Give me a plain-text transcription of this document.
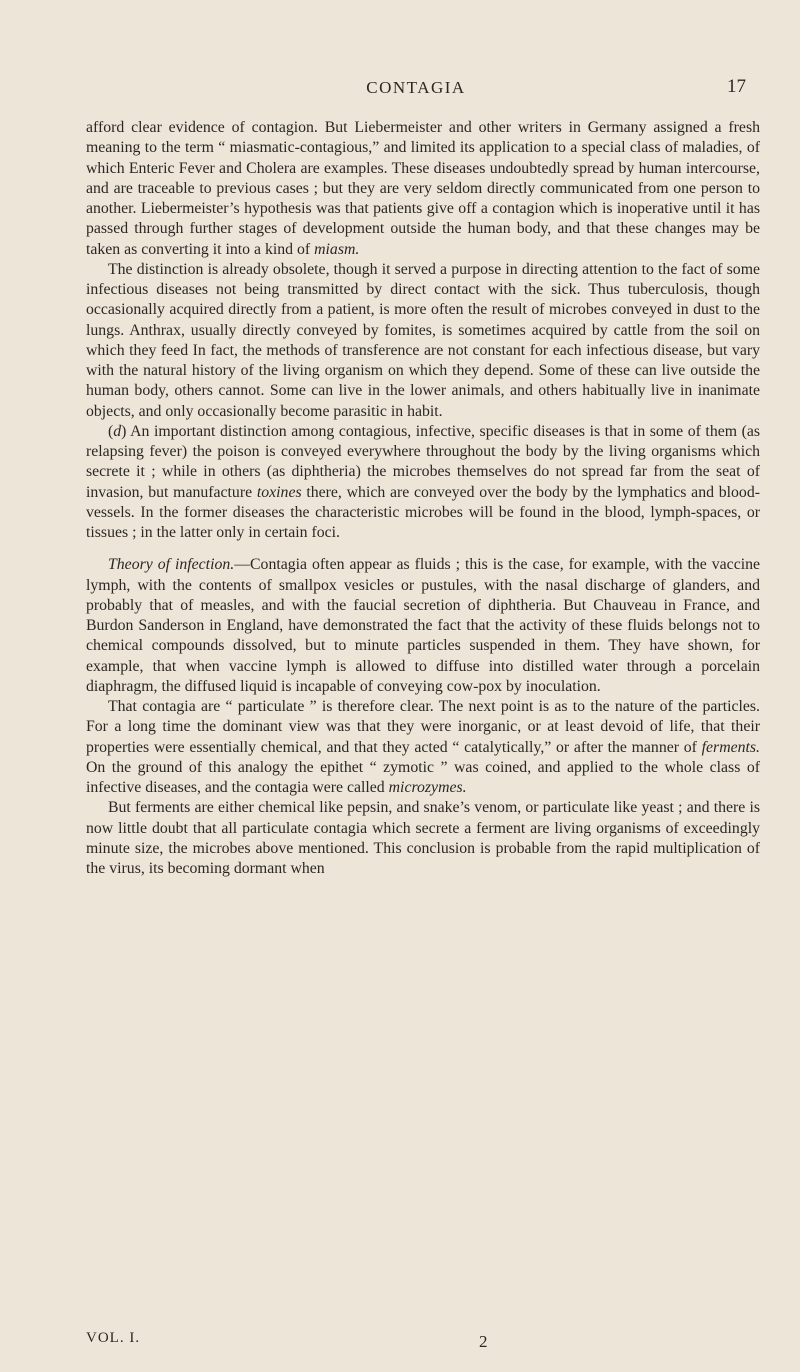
CONTAGIA	17

afford clear evidence of contagion. But Liebermeister and other writers in Germany assigned a fresh meaning to the term “ miasmatic-contagious,” and limited its application to a special class of maladies, of which Enteric Fever and Cholera are examples. These diseases undoubtedly spread by human intercourse, and are traceable to previous cases ; but they are very seldom directly communicated from one person to another. Liebermeister’s hypothesis was that patients give off a contagion which is inoperative until it has passed through further stages of development outside the human body, and that these changes may be taken as converting it into a kind of miasm.

The distinction is already obsolete, though it served a purpose in directing attention to the fact of some infectious diseases not being transmitted by direct contact with the sick. Thus tuberculosis, though occasionally acquired directly from a patient, is more often the result of microbes conveyed in dust to the lungs. Anthrax, usually directly conveyed by fomites, is sometimes acquired by cattle from the soil on which they feed In fact, the methods of transference are not constant for each infectious disease, but vary with the natural history of the living organism on which they depend. Some of these can live outside the human body, others cannot. Some can live in the lower animals, and others habitually live in inanimate objects, and only occasionally become parasitic in habit.

(d) An important distinction among contagious, infective, specific diseases is that in some of them (as relapsing fever) the poison is conveyed everywhere throughout the body by the living organisms which secrete it ; while in others (as diphtheria) the microbes themselves do not spread far from the seat of invasion, but manufacture toxines there, which are conveyed over the body by the lymphatics and blood-vessels. In the former diseases the characteristic microbes will be found in the blood, lymph-spaces, or tissues ; in the latter only in certain foci.

Theory of infection.—Contagia often appear as fluids ; this is the case, for example, with the vaccine lymph, with the contents of smallpox vesicles or pustules, with the nasal discharge of glanders, and probably that of measles, and with the faucial secretion of diphtheria. But Chauveau in France, and Burdon Sanderson in England, have demonstrated the fact that the activity of these fluids belongs not to chemical compounds dissolved, but to minute particles suspended in them. They have shown, for example, that when vaccine lymph is allowed to diffuse into distilled water through a porcelain diaphragm, the diffused liquid is incapable of conveying cow-pox by inoculation.

That contagia are “ particulate ” is therefore clear. The next point is as to the nature of the particles. For a long time the dominant view was that they were inorganic, or at least devoid of life, that their properties were essentially chemical, and that they acted “ catalytically,” or after the manner of ferments. On the ground of this analogy the epithet “ zymotic ” was coined, and applied to the whole class of infective diseases, and the contagia were called microzymes.

But ferments are either chemical like pepsin, and snake’s venom, or particulate like yeast ; and there is now little doubt that all particulate contagia which secrete a ferment are living organisms of exceedingly minute size, the microbes above mentioned. This conclusion is probable from the rapid multiplication of the virus, its becoming dormant when

VOL. I.	2
